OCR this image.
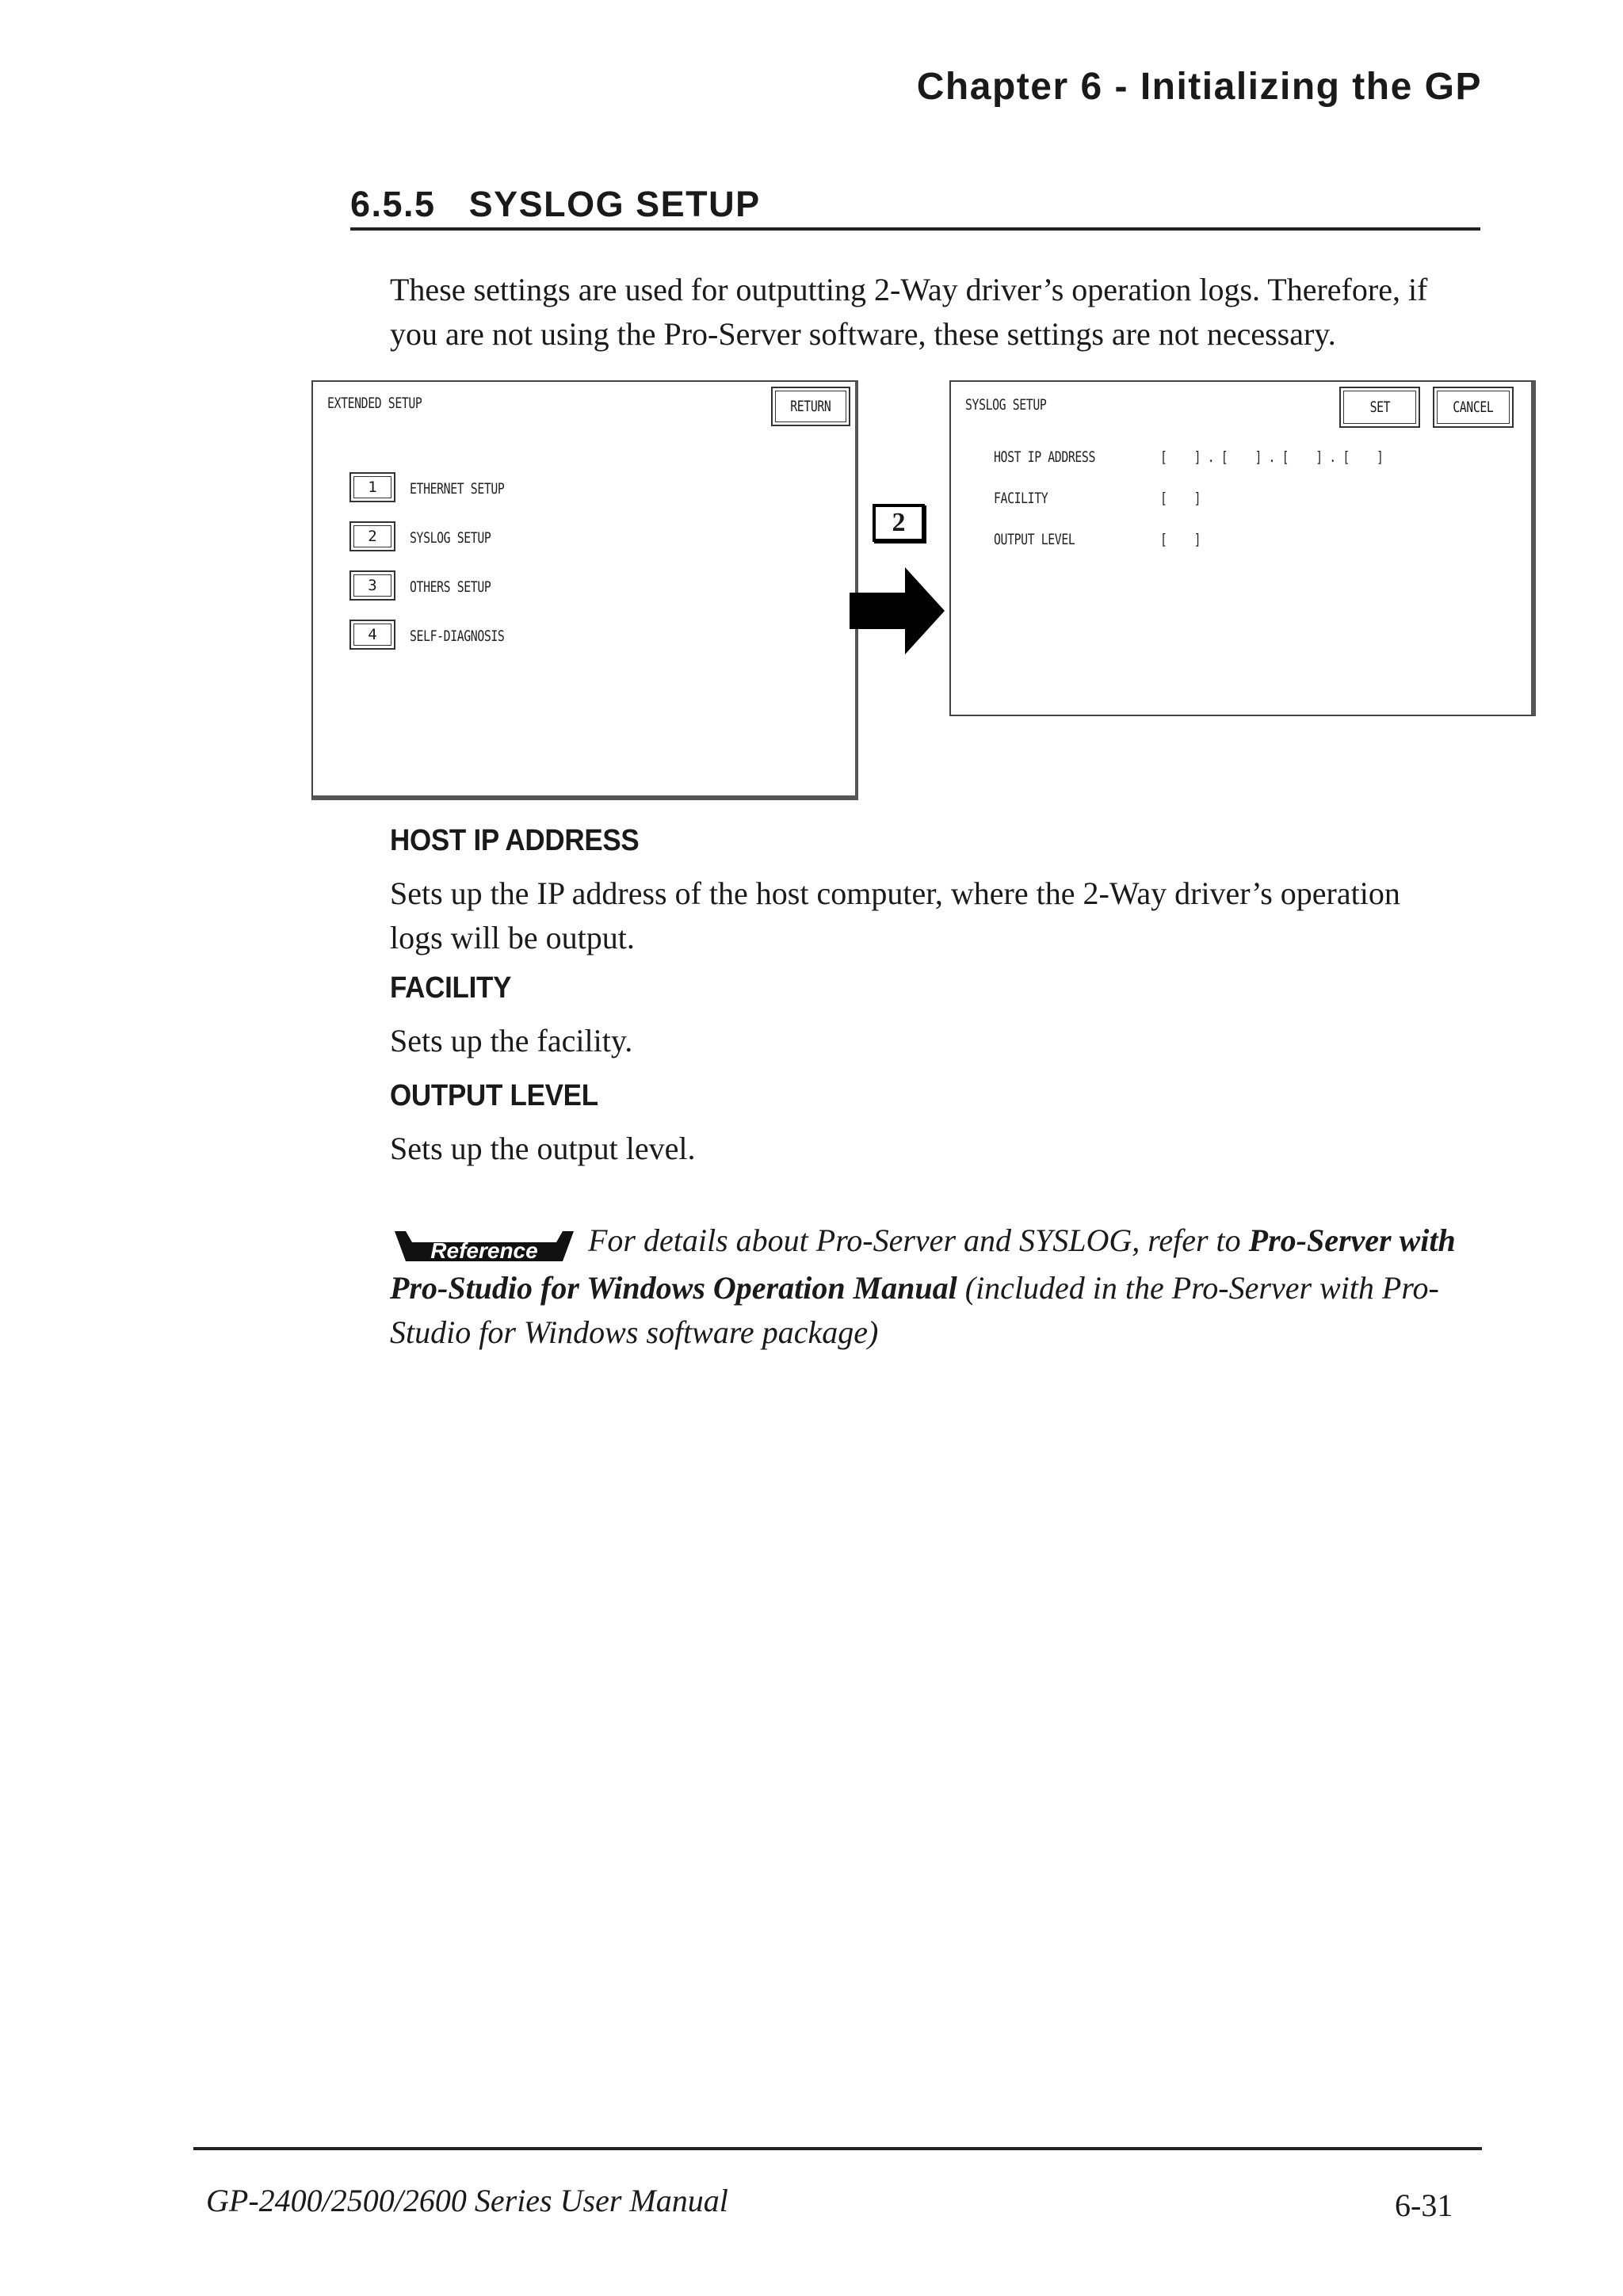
Chapter 6 - Initializing the GP
6.5.5   SYSLOG SETUP
These settings are used for outputting 2-Way driver’s operation logs. Therefore, if
you are not using the Pro-Server software, these settings are not necessary.
EXTENDED SETUP	RETURN
1 ETHERNET SETUP
2 SYSLOG SETUP
3 OTHERS SETUP
4 SELF-DIAGNOSIS
2
SYSLOG SETUP	SET	CANCEL
HOST IP ADDRESS	[    ] . [    ] . [    ] . [    ]
FACILITY	[    ]
OUTPUT LEVEL	[    ]
HOST IP ADDRESS
Sets up the IP address of the host computer, where the 2-Way driver’s operation
logs will be output.
FACILITY
Sets up the facility.
OUTPUT LEVEL
Sets up the output level.
Reference For details about Pro-Server and SYSLOG, refer to Pro-Server with
Pro-Studio for Windows Operation Manual (included in the Pro-Server with Pro-
Studio for Windows software package)
GP-2400/2500/2600 Series User Manual	6-31
